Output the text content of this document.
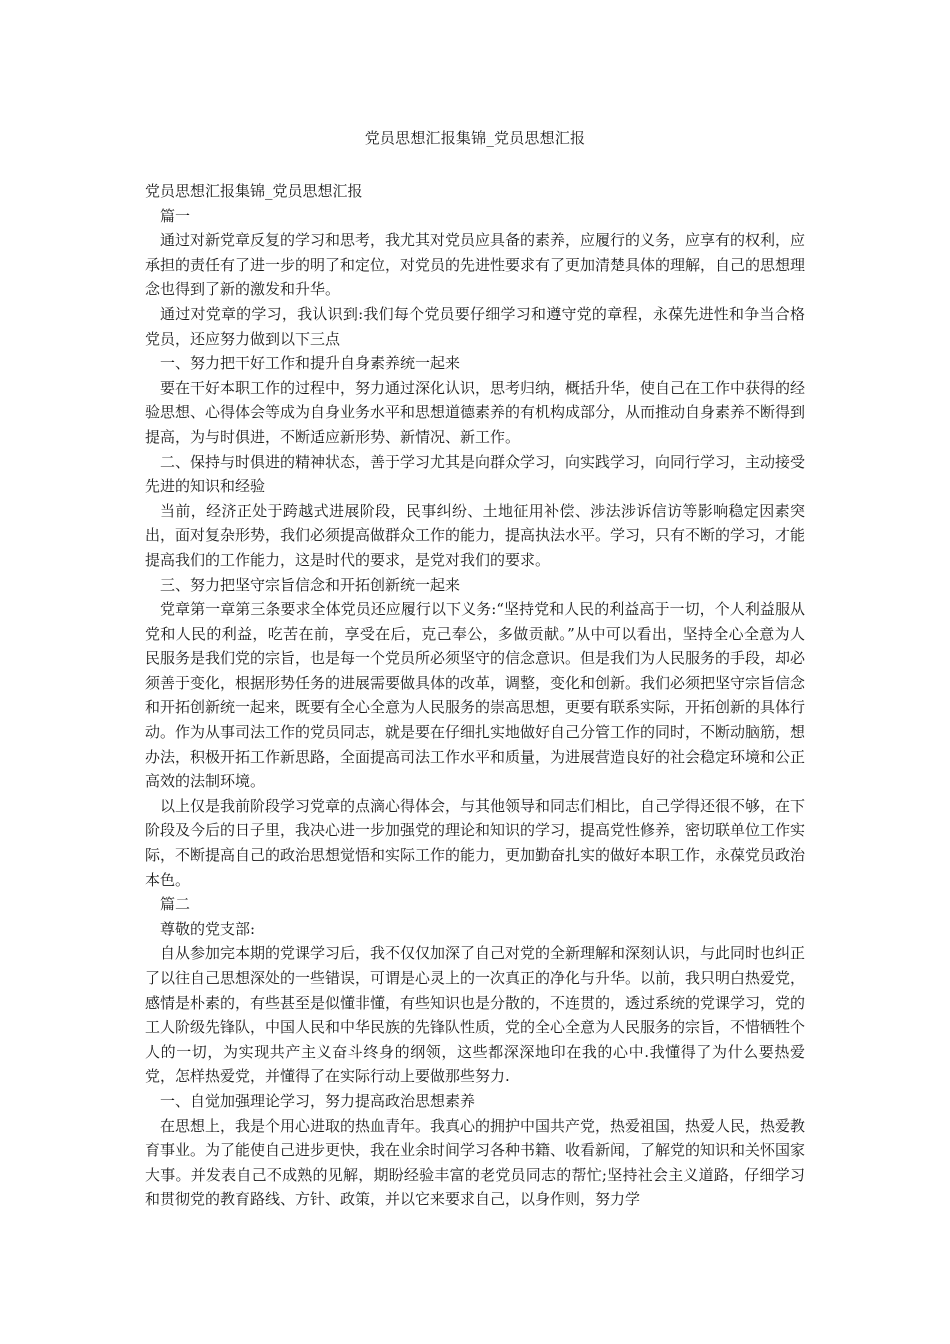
党员思想汇报集锦_党员思想汇报

党员思想汇报集锦_党员思想汇报

篇一

通过对新党章反复的学习和思考，我尤其对党员应具备的素养，应履行的义务，应享有的权利，应承担的责任有了进一步的明了和定位，对党员的先进性要求有了更加清楚具体的理解，自己的思想理念也得到了新的激发和升华。

通过对党章的学习，我认识到:我们每个党员要仔细学习和遵守党的章程，永葆先进性和争当合格党员，还应努力做到以下三点

一、努力把干好工作和提升自身素养统一起来

要在干好本职工作的过程中，努力通过深化认识，思考归纳，概括升华，使自己在工作中获得的经验思想、心得体会等成为自身业务水平和思想道德素养的有机构成部分，从而推动自身素养不断得到提高，为与时俱进，不断适应新形势、新情况、新工作。

二、保持与时俱进的精神状态，善于学习尤其是向群众学习，向实践学习，向同行学习，主动接受先进的知识和经验

当前，经济正处于跨越式进展阶段，民事纠纷、土地征用补偿、涉法涉诉信访等影响稳定因素突出，面对复杂形势，我们必须提高做群众工作的能力，提高执法水平。学习，只有不断的学习，才能提高我们的工作能力，这是时代的要求，是党对我们的要求。

三、努力把坚守宗旨信念和开拓创新统一起来

党章第一章第三条要求全体党员还应履行以下义务:“坚持党和人民的利益高于一切，个人利益服从党和人民的利益，吃苦在前，享受在后，克己奉公，多做贡献。”从中可以看出，坚持全心全意为人民服务是我们党的宗旨，也是每一个党员所必须坚守的信念意识。但是我们为人民服务的手段，却必须善于变化，根据形势任务的进展需要做具体的改革，调整，变化和创新。我们必须把坚守宗旨信念和开拓创新统一起来，既要有全心全意为人民服务的崇高思想，更要有联系实际，开拓创新的具体行动。作为从事司法工作的党员同志，就是要在仔细扎实地做好自己分管工作的同时，不断动脑筋，想办法，积极开拓工作新思路，全面提高司法工作水平和质量，为进展营造良好的社会稳定环境和公正高效的法制环境。

以上仅是我前阶段学习党章的点滴心得体会，与其他领导和同志们相比，自己学得还很不够，在下阶段及今后的日子里，我决心进一步加强党的理论和知识的学习，提高党性修养，密切联单位工作实际，不断提高自己的政治思想觉悟和实际工作的能力，更加勤奋扎实的做好本职工作，永葆党员政治本色。

篇二

尊敬的党支部:

自从参加完本期的党课学习后，我不仅仅加深了自己对党的全新理解和深刻认识，与此同时也纠正了以往自己思想深处的一些错误，可谓是心灵上的一次真正的净化与升华。以前，我只明白热爱党，感情是朴素的，有些甚至是似懂非懂，有些知识也是分散的，不连贯的，透过系统的党课学习，党的工人阶级先锋队，中国人民和中华民族的先锋队性质，党的全心全意为人民服务的宗旨，不惜牺牲个人的一切，为实现共产主义奋斗终身的纲领，这些都深深地印在我的心中.我懂得了为什么要热爱党，怎样热爱党，并懂得了在实际行动上要做那些努力.

一、自觉加强理论学习，努力提高政治思想素养

在思想上，我是个用心进取的热血青年。我真心的拥护中国共产党，热爱祖国，热爱人民，热爱教育事业。为了能使自己进步更快，我在业余时间学习各种书籍、收看新闻，了解党的知识和关怀国家大事。并发表自己不成熟的见解，期盼经验丰富的老党员同志的帮忙;坚持社会主义道路，仔细学习和贯彻党的教育路线、方针、政策，并以它来要求自己，以身作则，努力学
